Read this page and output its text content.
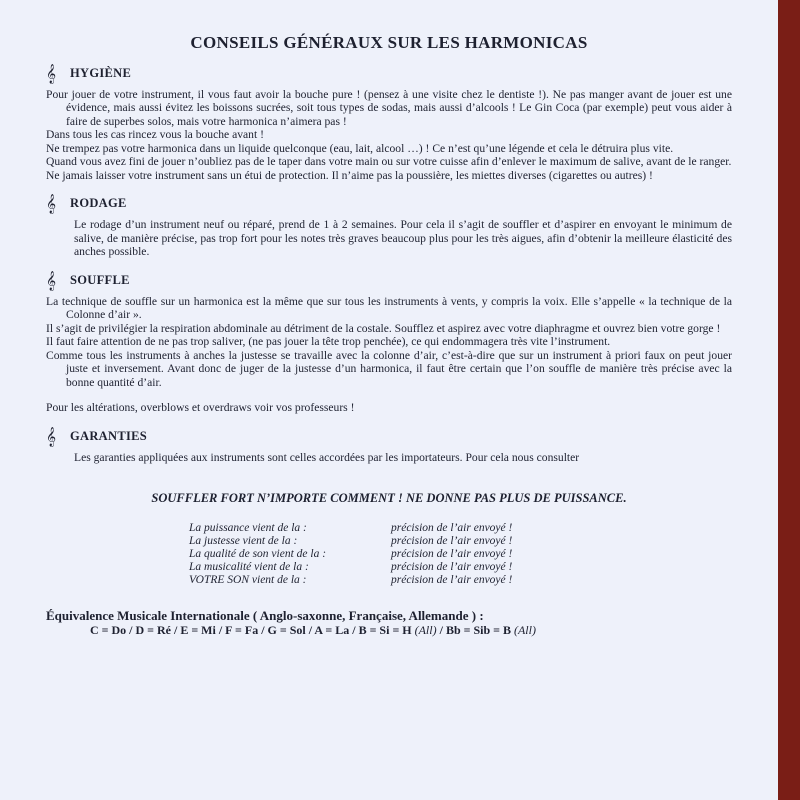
CONSEILS GÉNÉRAUX SUR LES HARMONICAS
𝄞	HYGIÈNE

Pour jouer de votre instrument, il vous faut avoir la bouche pure ! (pensez à une visite chez le dentiste !). Ne pas manger avant de jouer est une évidence, mais aussi évitez les boissons sucrées, soit tous types de sodas, mais aussi d’alcools ! Le Gin Coca (par exemple) peut vous aider à faire de superbes solos, mais votre harmonica n’aimera pas !

Dans tous les cas rincez vous la bouche avant !

Ne trempez pas votre harmonica dans un liquide quelconque (eau, lait, alcool …) ! Ce n’est qu’une légende et cela le détruira plus vite.

Quand vous avez fini de jouer n’oubliez pas de le taper dans votre main ou sur votre cuisse afin d’enlever le maximum de salive, avant de le ranger.

Ne jamais laisser votre instrument sans un étui de protection. Il n’aime pas la poussière, les miettes diverses (cigarettes ou autres) !

𝄞	RODAGE

Le rodage d’un instrument neuf ou réparé, prend de 1 à 2 semaines. Pour cela il s’agit de souffler et d’aspirer en envoyant le minimum de salive, de manière précise, pas trop fort pour les notes très graves beaucoup plus pour les très aigues, afin d’obtenir la meilleure élasticité des anches possible.

𝄞	SOUFFLE

La technique de souffle sur un harmonica est la même que sur tous les instruments à vents, y compris la voix. Elle s’appelle « la technique de la Colonne d’air ».

Il s’agit de privilégier la respiration abdominale au détriment de la costale. Soufflez et aspirez avec votre diaphragme et ouvrez bien votre gorge !

Il faut faire attention de ne pas trop saliver, (ne pas jouer la tête trop penchée), ce qui endommagera très vite l’instrument.

Comme tous les instruments à anches la justesse se travaille avec la colonne d’air, c’est-à-dire que sur un instrument à priori faux on peut jouer juste et inversement. Avant donc de juger de la justesse d’un harmonica, il faut être certain que l’on souffle de manière très précise avec la bonne quantité d’air.

Pour les altérations, overblows et overdraws voir vos professeurs !

𝄞	GARANTIES

Les garanties appliquées aux instruments sont celles accordées par les importateurs. Pour cela nous consulter

SOUFFLER FORT N’IMPORTE COMMENT ! NE DONNE PAS PLUS DE PUISSANCE.
La puissance vient de la :	précision de l’air envoyé !
La justesse vient de la :	précision de l’air envoyé !
La qualité de son vient de la :	précision de l’air envoyé !
La musicalité vient de la :	précision de l’air envoyé !
VOTRE SON vient de la :	précision de l’air envoyé !
Équivalence Musicale Internationale ( Anglo-saxonne, Française, Allemande ) :
C = Do / D = Ré / E = Mi / F = Fa / G = Sol / A = La / B = Si = H (All) / Bb = Sib = B (All)
